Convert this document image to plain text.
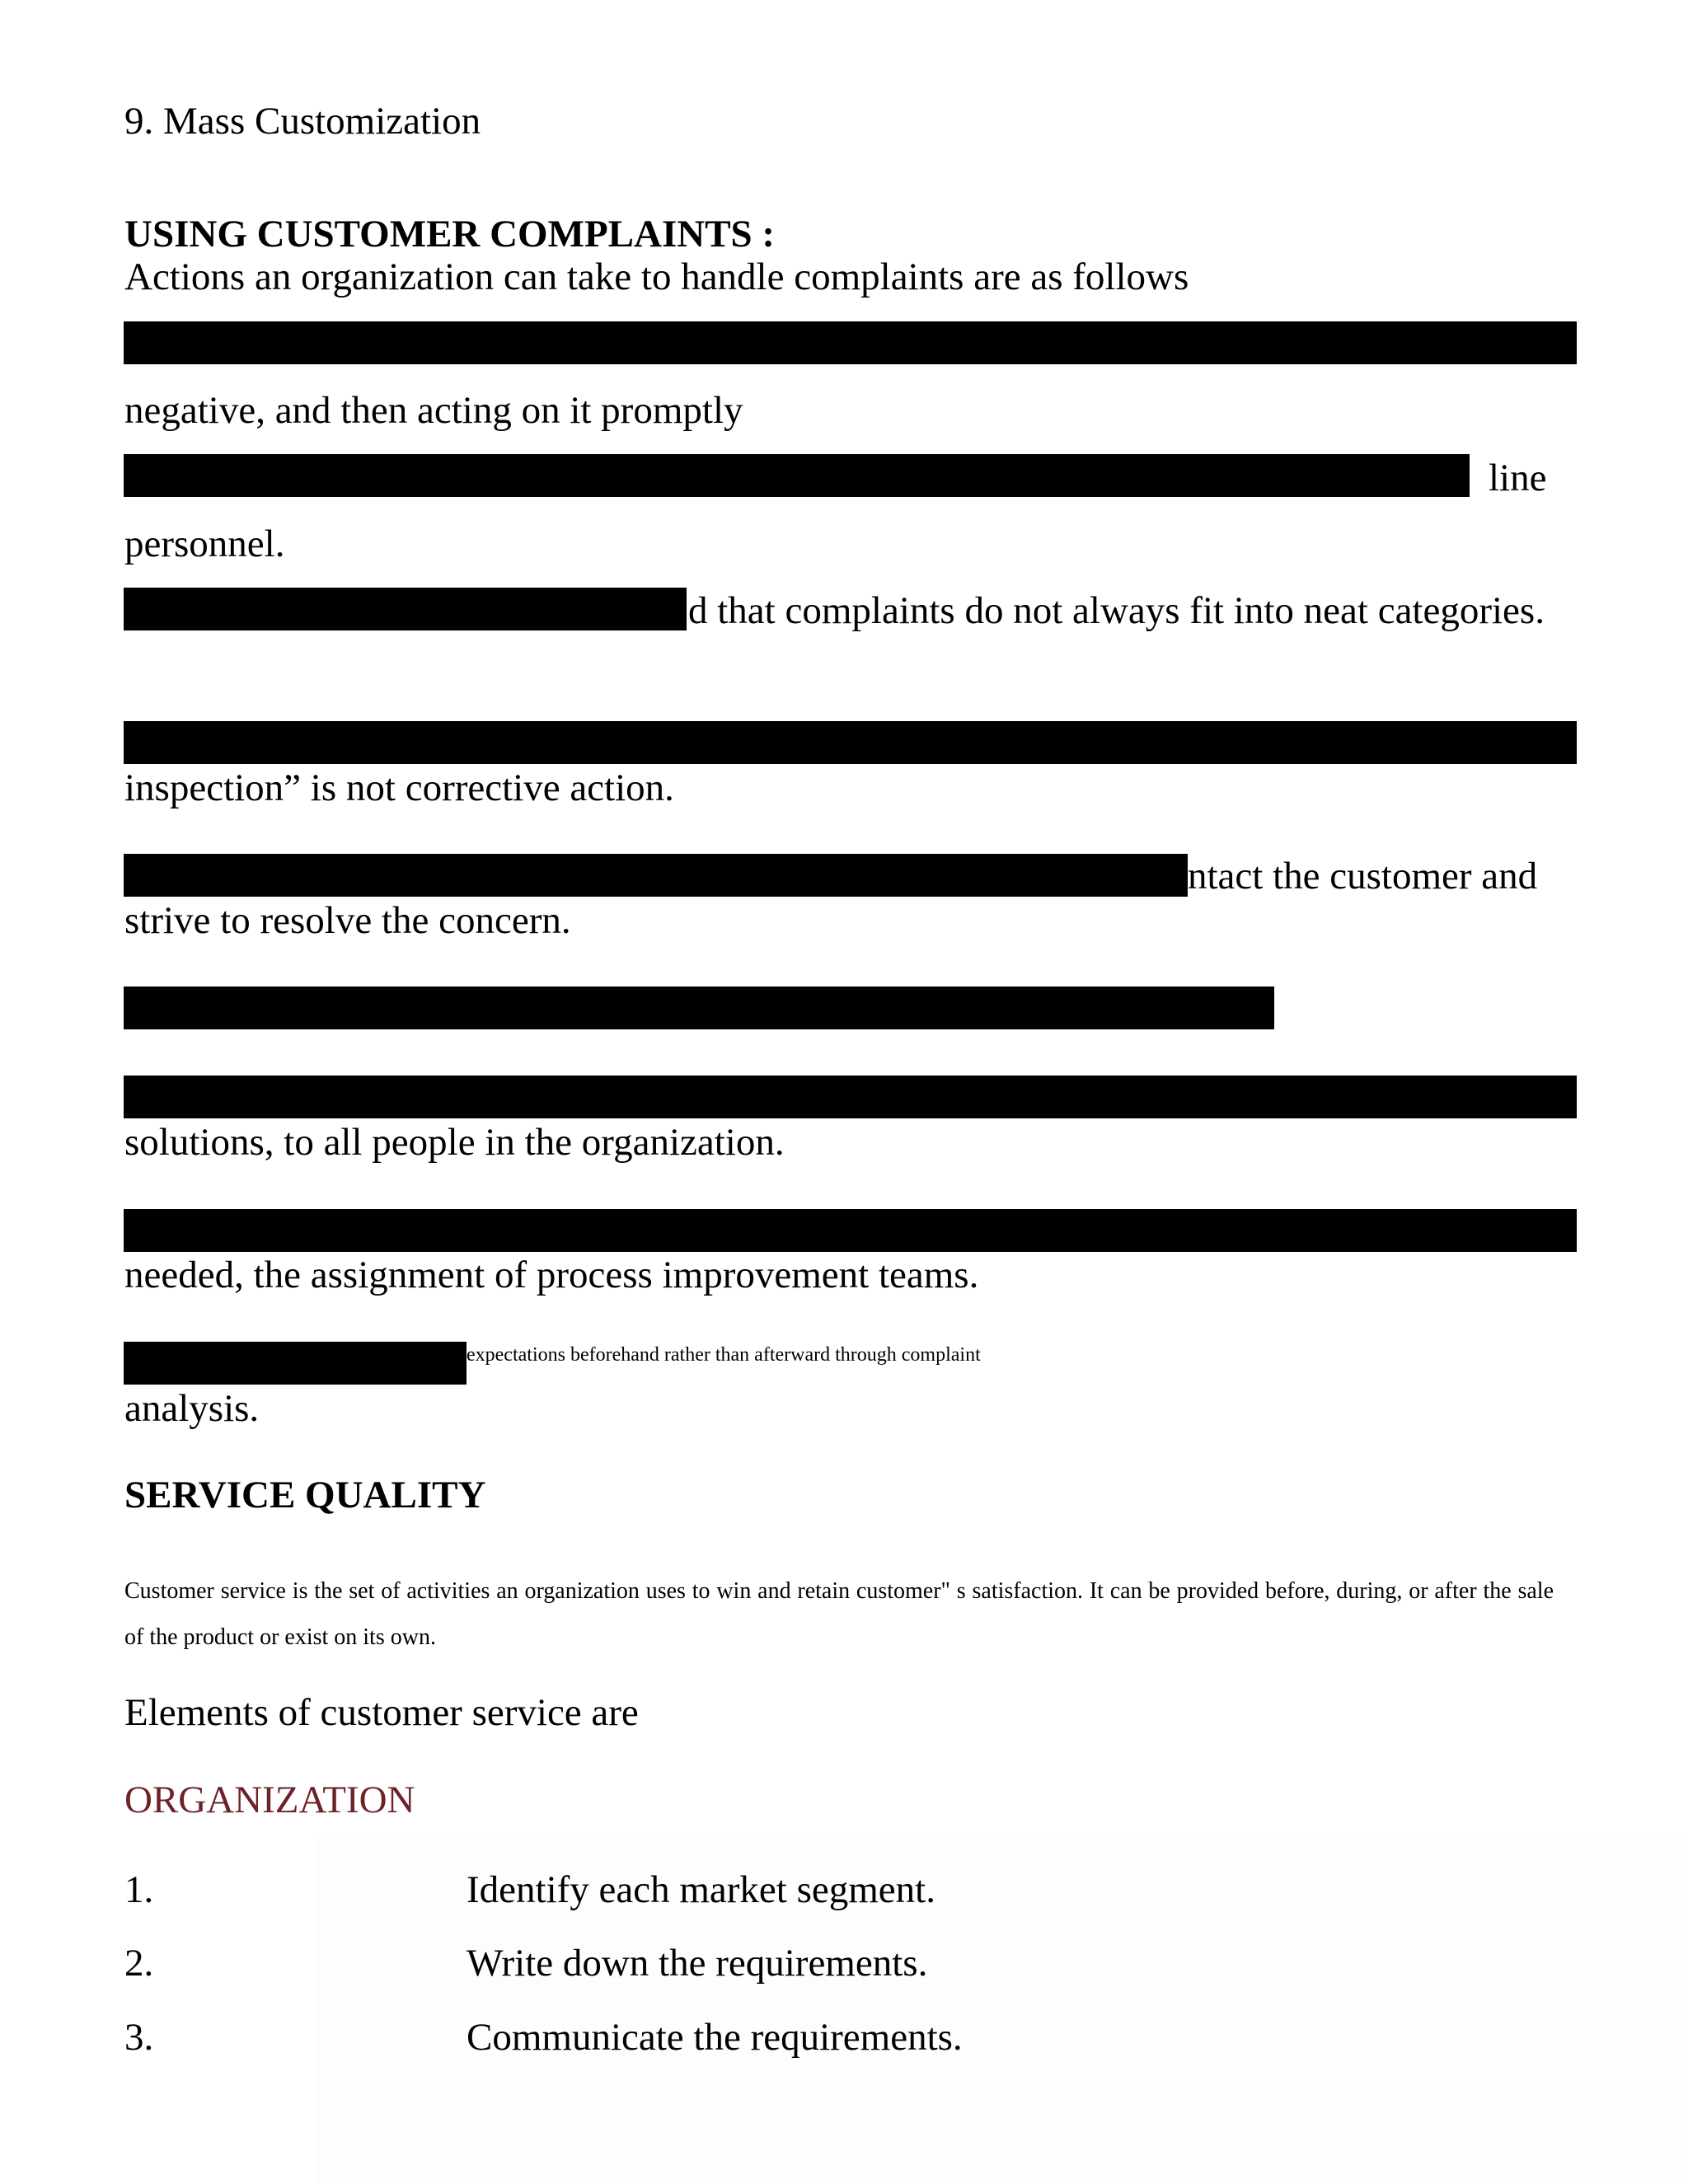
9. Mass Customization
USING CUSTOMER COMPLAINTS :
Actions an organization can take to handle complaints are as follows
negative, and then acting on it promptly
line
personnel.
d that complaints do not always fit into neat categories.
inspection” is not corrective action.
ntact the customer and
strive to resolve the concern.
solutions, to all people in the organization.
needed, the assignment of process improvement teams.
expectations beforehand rather than afterward through complaint
analysis.
SERVICE QUALITY
Customer service is the set of activities an organization uses to win and retain customer" s satisfaction. It can be provided before, during, or after the sale of the product or exist on its own.
Elements of customer service are
ORGANIZATION
1.	Identify each market segment.
2.	Write down the requirements.
3.	Communicate the requirements.
